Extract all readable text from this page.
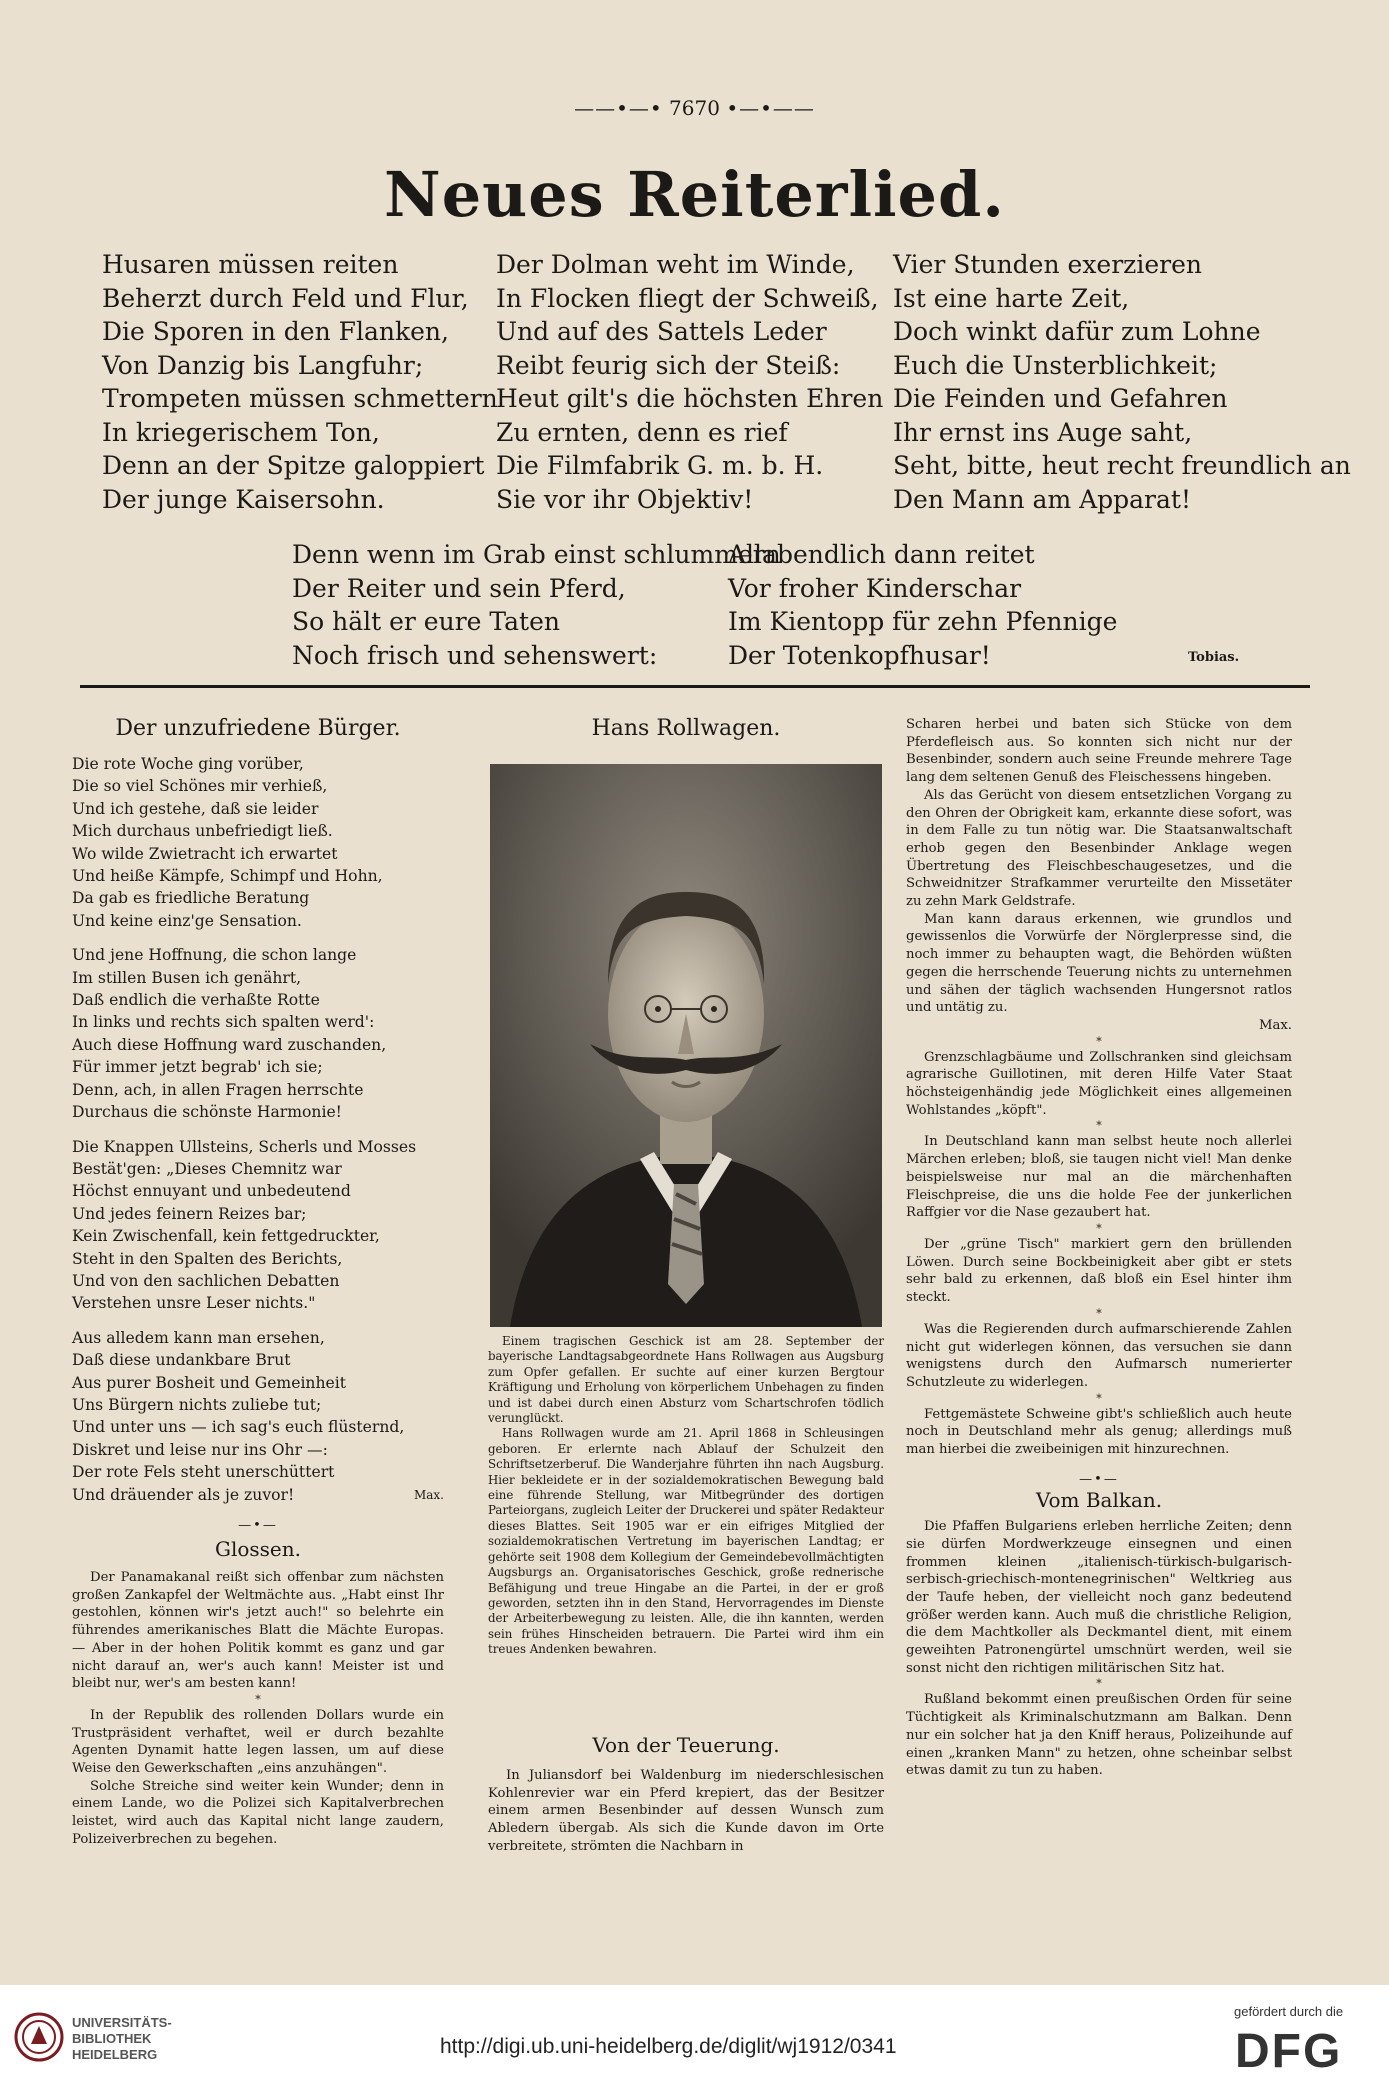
——•—• 7670 •—•——
Neues Reiterlied.
Husaren müssen reiten
Beherzt durch Feld und Flur,
Die Sporen in den Flanken,
Von Danzig bis Langfuhr;
Trompeten müssen schmettern
In kriegerischem Ton,
Denn an der Spitze galoppiert
Der junge Kaisersohn.
Der Dolman weht im Winde,
In Flocken fliegt der Schweiß,
Und auf des Sattels Leder
Reibt feurig sich der Steiß:
Heut gilt's die höchsten Ehren
Zu ernten, denn es rief
Die Filmfabrik G. m. b. H.
Sie vor ihr Objektiv!
Vier Stunden exerzieren
Ist eine harte Zeit,
Doch winkt dafür zum Lohne
Euch die Unsterblichkeit;
Die Feinden und Gefahren
Ihr ernst ins Auge saht,
Seht, bitte, heut recht freundlich an
Den Mann am Apparat!
Denn wenn im Grab einst schlummern
Der Reiter und sein Pferd,
So hält er eure Taten
Noch frisch und sehenswert:
Allabendlich dann reitet
Vor froher Kinderschar
Im Kientopp für zehn Pfennige
Der Totenkopfhusar!	Tobias.
Der unzufriedene Bürger.
Die rote Woche ging vorüber,
Die so viel Schönes mir verhieß,
Und ich gestehe, daß sie leider
Mich durchaus unbefriedigt ließ.
Wo wilde Zwietracht ich erwartet
Und heiße Kämpfe, Schimpf und Hohn,
Da gab es friedliche Beratung
Und keine einz'ge Sensation.
Und jene Hoffnung, die schon lange
Im stillen Busen ich genährt,
Daß endlich die verhaßte Rotte
In links und rechts sich spalten werd':
Auch diese Hoffnung ward zuschanden,
Für immer jetzt begrab' ich sie;
Denn, ach, in allen Fragen herrschte
Durchaus die schönste Harmonie!
Die Knappen Ullsteins, Scherls und Mosses
Bestät'gen: „Dieses Chemnitz war
Höchst ennuyant und unbedeutend
Und jedes feinern Reizes bar;
Kein Zwischenfall, kein fettgedruckter,
Steht in den Spalten des Berichts,
Und von den sachlichen Debatten
Verstehen unsre Leser nichts."
Aus alledem kann man ersehen,
Daß diese undankbare Brut
Aus purer Bosheit und Gemeinheit
Uns Bürgern nichts zuliebe tut;
Und unter uns — ich sag's euch flüsternd,
Diskret und leise nur ins Ohr —:
Der rote Fels steht unerschüttert
Und dräuender als je zuvor!	Max.
—•—
Glossen.

Der Panamakanal reißt sich offenbar zum nächsten großen Zankapfel der Weltmächte aus. „Habt einst Ihr gestohlen, können wir's jetzt auch!" so belehrte ein führendes amerikanisches Blatt die Mächte Europas. — Aber in der hohen Politik kommt es ganz und gar nicht darauf an, wer's auch kann! Meister ist und bleibt nur, wer's am besten kann!

*

In der Republik des rollenden Dollars wurde ein Trustpräsident verhaftet, weil er durch bezahlte Agenten Dynamit hatte legen lassen, um auf diese Weise den Gewerkschaften „eins anzuhängen".

Solche Streiche sind weiter kein Wunder; denn in einem Lande, wo die Polizei sich Kapitalverbrechen leistet, wird auch das Kapital nicht lange zaudern, Polizeiverbrechen zu begehen.

Hans Rollwagen.

Einem tragischen Geschick ist am 28. September der bayerische Landtagsabgeordnete Hans Rollwagen aus Augsburg zum Opfer gefallen. Er suchte auf einer kurzen Bergtour Kräftigung und Erholung von körperlichem Unbehagen zu finden und ist dabei durch einen Absturz vom Schartschrofen tödlich verunglückt.

Hans Rollwagen wurde am 21. April 1868 in Schleusingen geboren. Er erlernte nach Ablauf der Schulzeit den Schriftsetzerberuf. Die Wanderjahre führten ihn nach Augsburg. Hier bekleidete er in der sozialdemokratischen Bewegung bald eine führende Stellung, war Mitbegründer des dortigen Parteiorgans, zugleich Leiter der Druckerei und später Redakteur dieses Blattes. Seit 1905 war er ein eifriges Mitglied der sozialdemokratischen Vertretung im bayerischen Landtag; er gehörte seit 1908 dem Kollegium der Gemeindebevollmächtigten Augsburgs an. Organisatorisches Geschick, große rednerische Befähigung und treue Hingabe an die Partei, in der er groß geworden, setzten ihn in den Stand, Hervorragendes im Dienste der Arbeiterbewegung zu leisten. Alle, die ihn kannten, werden sein frühes Hinscheiden betrauern. Die Partei wird ihm ein treues Andenken bewahren.

Von der Teuerung.

In Juliansdorf bei Waldenburg im niederschlesischen Kohlenrevier war ein Pferd krepiert, das der Besitzer einem armen Besenbinder auf dessen Wunsch zum Abledern übergab. Als sich die Kunde davon im Orte verbreitete, strömten die Nachbarn in

Scharen herbei und baten sich Stücke von dem Pferdefleisch aus. So konnten sich nicht nur der Besenbinder, sondern auch seine Freunde mehrere Tage lang dem seltenen Genuß des Fleischessens hingeben.

Als das Gerücht von diesem entsetzlichen Vorgang zu den Ohren der Obrigkeit kam, erkannte diese sofort, was in dem Falle zu tun nötig war. Die Staatsanwaltschaft erhob gegen den Besenbinder Anklage wegen Übertretung des Fleischbeschaugesetzes, und die Schweidnitzer Strafkammer verurteilte den Missetäter zu zehn Mark Geldstrafe.

Man kann daraus erkennen, wie grundlos und gewissenlos die Vorwürfe der Nörglerpresse sind, die noch immer zu behaupten wagt, die Behörden wüßten gegen die herrschende Teuerung nichts zu unternehmen und sähen der täglich wachsenden Hungersnot ratlos und untätig zu.

Max.

*

Grenzschlagbäume und Zollschranken sind gleichsam agrarische Guillotinen, mit deren Hilfe Vater Staat höchsteigenhändig jede Möglichkeit eines allgemeinen Wohlstandes „köpft".

*

In Deutschland kann man selbst heute noch allerlei Märchen erleben; bloß, sie taugen nicht viel! Man denke beispielsweise nur mal an die märchenhaften Fleischpreise, die uns die holde Fee der junkerlichen Raffgier vor die Nase gezaubert hat.

*

Der „grüne Tisch" markiert gern den brüllenden Löwen. Durch seine Bockbeinigkeit aber gibt er stets sehr bald zu erkennen, daß bloß ein Esel hinter ihm steckt.

*

Was die Regierenden durch aufmarschierende Zahlen nicht gut widerlegen können, das versuchen sie dann wenigstens durch den Aufmarsch numerierter Schutzleute zu widerlegen.

*

Fettgemästete Schweine gibt's schließlich auch heute noch in Deutschland mehr als genug; allerdings muß man hierbei die zweibeinigen mit hinzurechnen.

—•—
Vom Balkan.

Die Pfaffen Bulgariens erleben herrliche Zeiten; denn sie dürfen Mordwerkzeuge einsegnen und einen frommen kleinen „italienisch-türkisch-bulgarisch-serbisch-griechisch-montenegrinischen" Weltkrieg aus der Taufe heben, der vielleicht noch ganz bedeutend größer werden kann. Auch muß die christliche Religion, die dem Machtkoller als Deckmantel dient, mit einem geweihten Patronengürtel umschnürt werden, weil sie sonst nicht den richtigen militärischen Sitz hat.

*

Rußland bekommt einen preußischen Orden für seine Tüchtigkeit als Kriminalschutzmann am Balkan. Denn nur ein solcher hat ja den Kniff heraus, Polizeihunde auf einen „kranken Mann" zu hetzen, ohne scheinbar selbst etwas damit zu tun zu haben.

UNIVERSITÄTS-
BIBLIOTHEK
HEIDELBERG	http://digi.ub.uni-heidelberg.de/diglit/wj1912/0341
gefördert durch die
DFG
